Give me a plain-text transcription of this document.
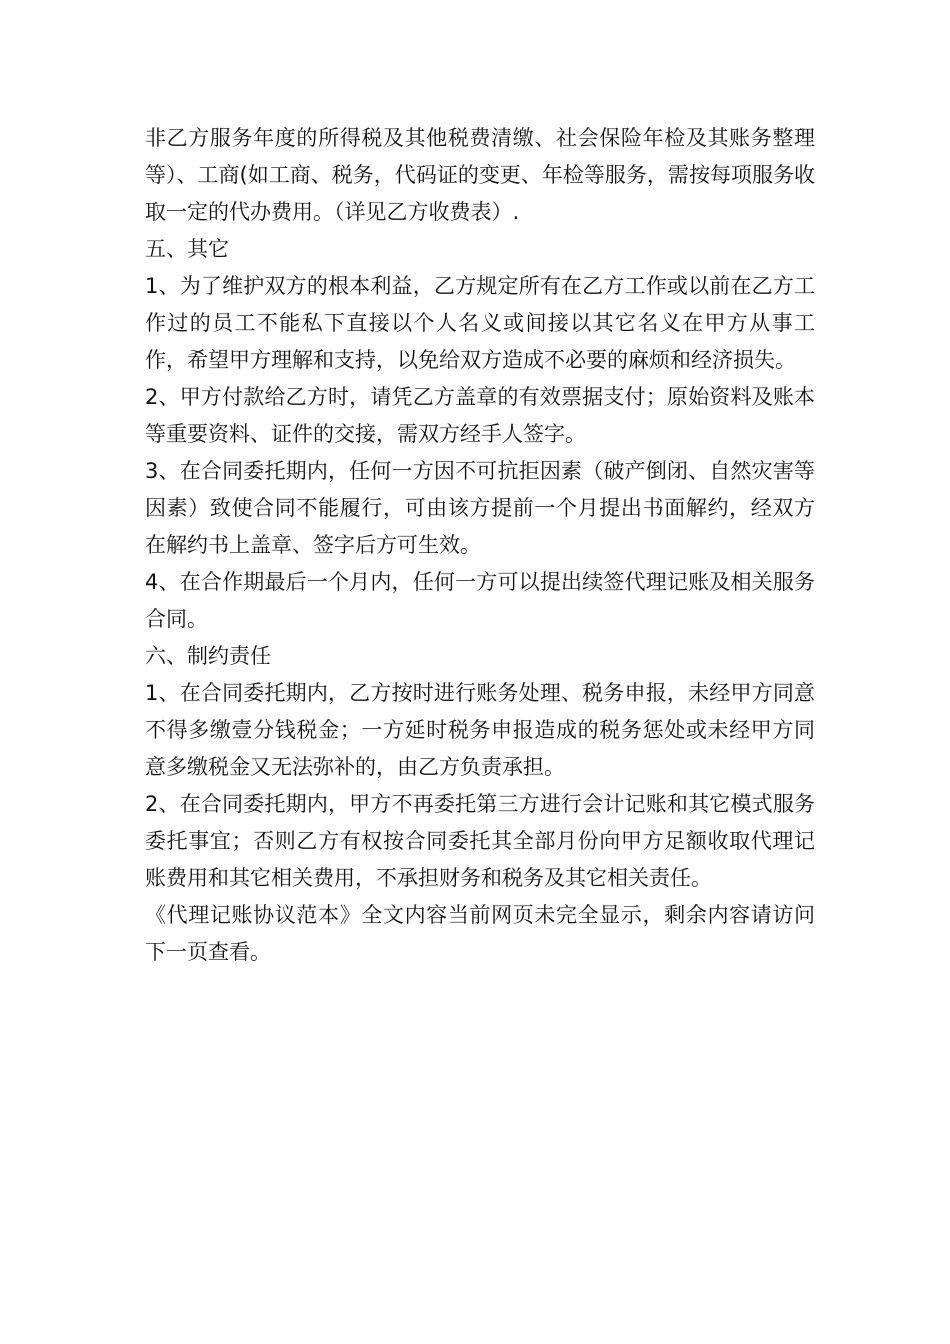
非乙方服务年度的所得税及其他税费清缴、社会保险年检及其账务整理等）、工商(如工商、税务，代码证的变更、年检等服务，需按每项服务收取一定的代办费用。（详见乙方收费表）.

五、其它

1、为了维护双方的根本利益，乙方规定所有在乙方工作或以前在乙方工作过的员工不能私下直接以个人名义或间接以其它名义在甲方从事工作，希望甲方理解和支持，以免给双方造成不必要的麻烦和经济损失。

2、甲方付款给乙方时，请凭乙方盖章的有效票据支付；原始资料及账本等重要资料、证件的交接，需双方经手人签字。

3、在合同委托期内，任何一方因不可抗拒因素（破产倒闭、自然灾害等因素）致使合同不能履行，可由该方提前一个月提出书面解约，经双方在解约书上盖章、签字后方可生效。

4、在合作期最后一个月内，任何一方可以提出续签代理记账及相关服务合同。

六、制约责任

1、在合同委托期内，乙方按时进行账务处理、税务申报，未经甲方同意不得多缴壹分钱税金；一方延时税务申报造成的税务惩处或未经甲方同意多缴税金又无法弥补的，由乙方负责承担。

2、在合同委托期内，甲方不再委托第三方进行会计记账和其它模式服务委托事宜；否则乙方有权按合同委托其全部月份向甲方足额收取代理记账费用和其它相关费用，不承担财务和税务及其它相关责任。

《代理记账协议范本》全文内容当前网页未完全显示，剩余内容请访问下一页查看。
